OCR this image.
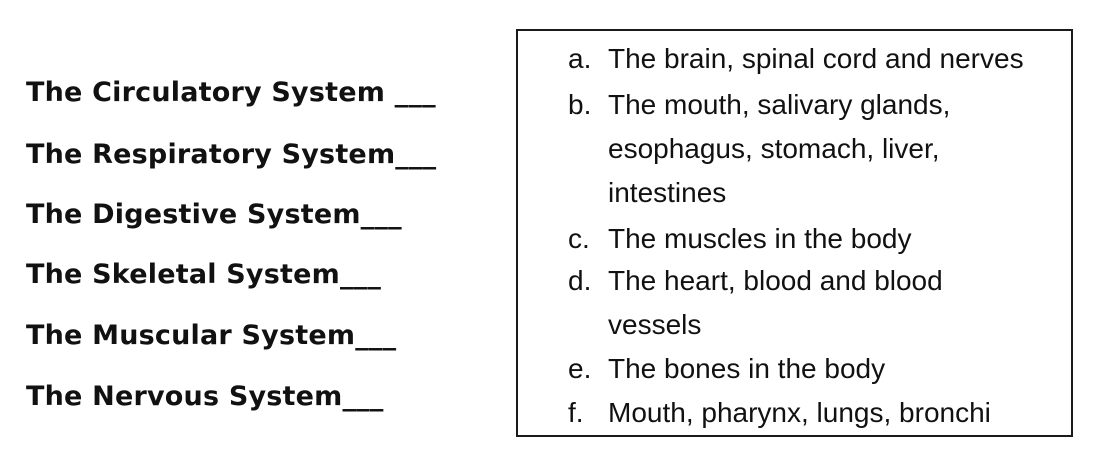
The Circulatory System ___
The Respiratory System___
The Digestive System___
The Skeletal System___
The Muscular System___
The Nervous System___
a. The brain, spinal cord and nerves
b. The mouth, salivary glands, esophagus, stomach, liver, intestines
c. The muscles in the body
d. The heart, blood and blood vessels
e. The bones in the body
f. Mouth, pharynx, lungs, bronchi
